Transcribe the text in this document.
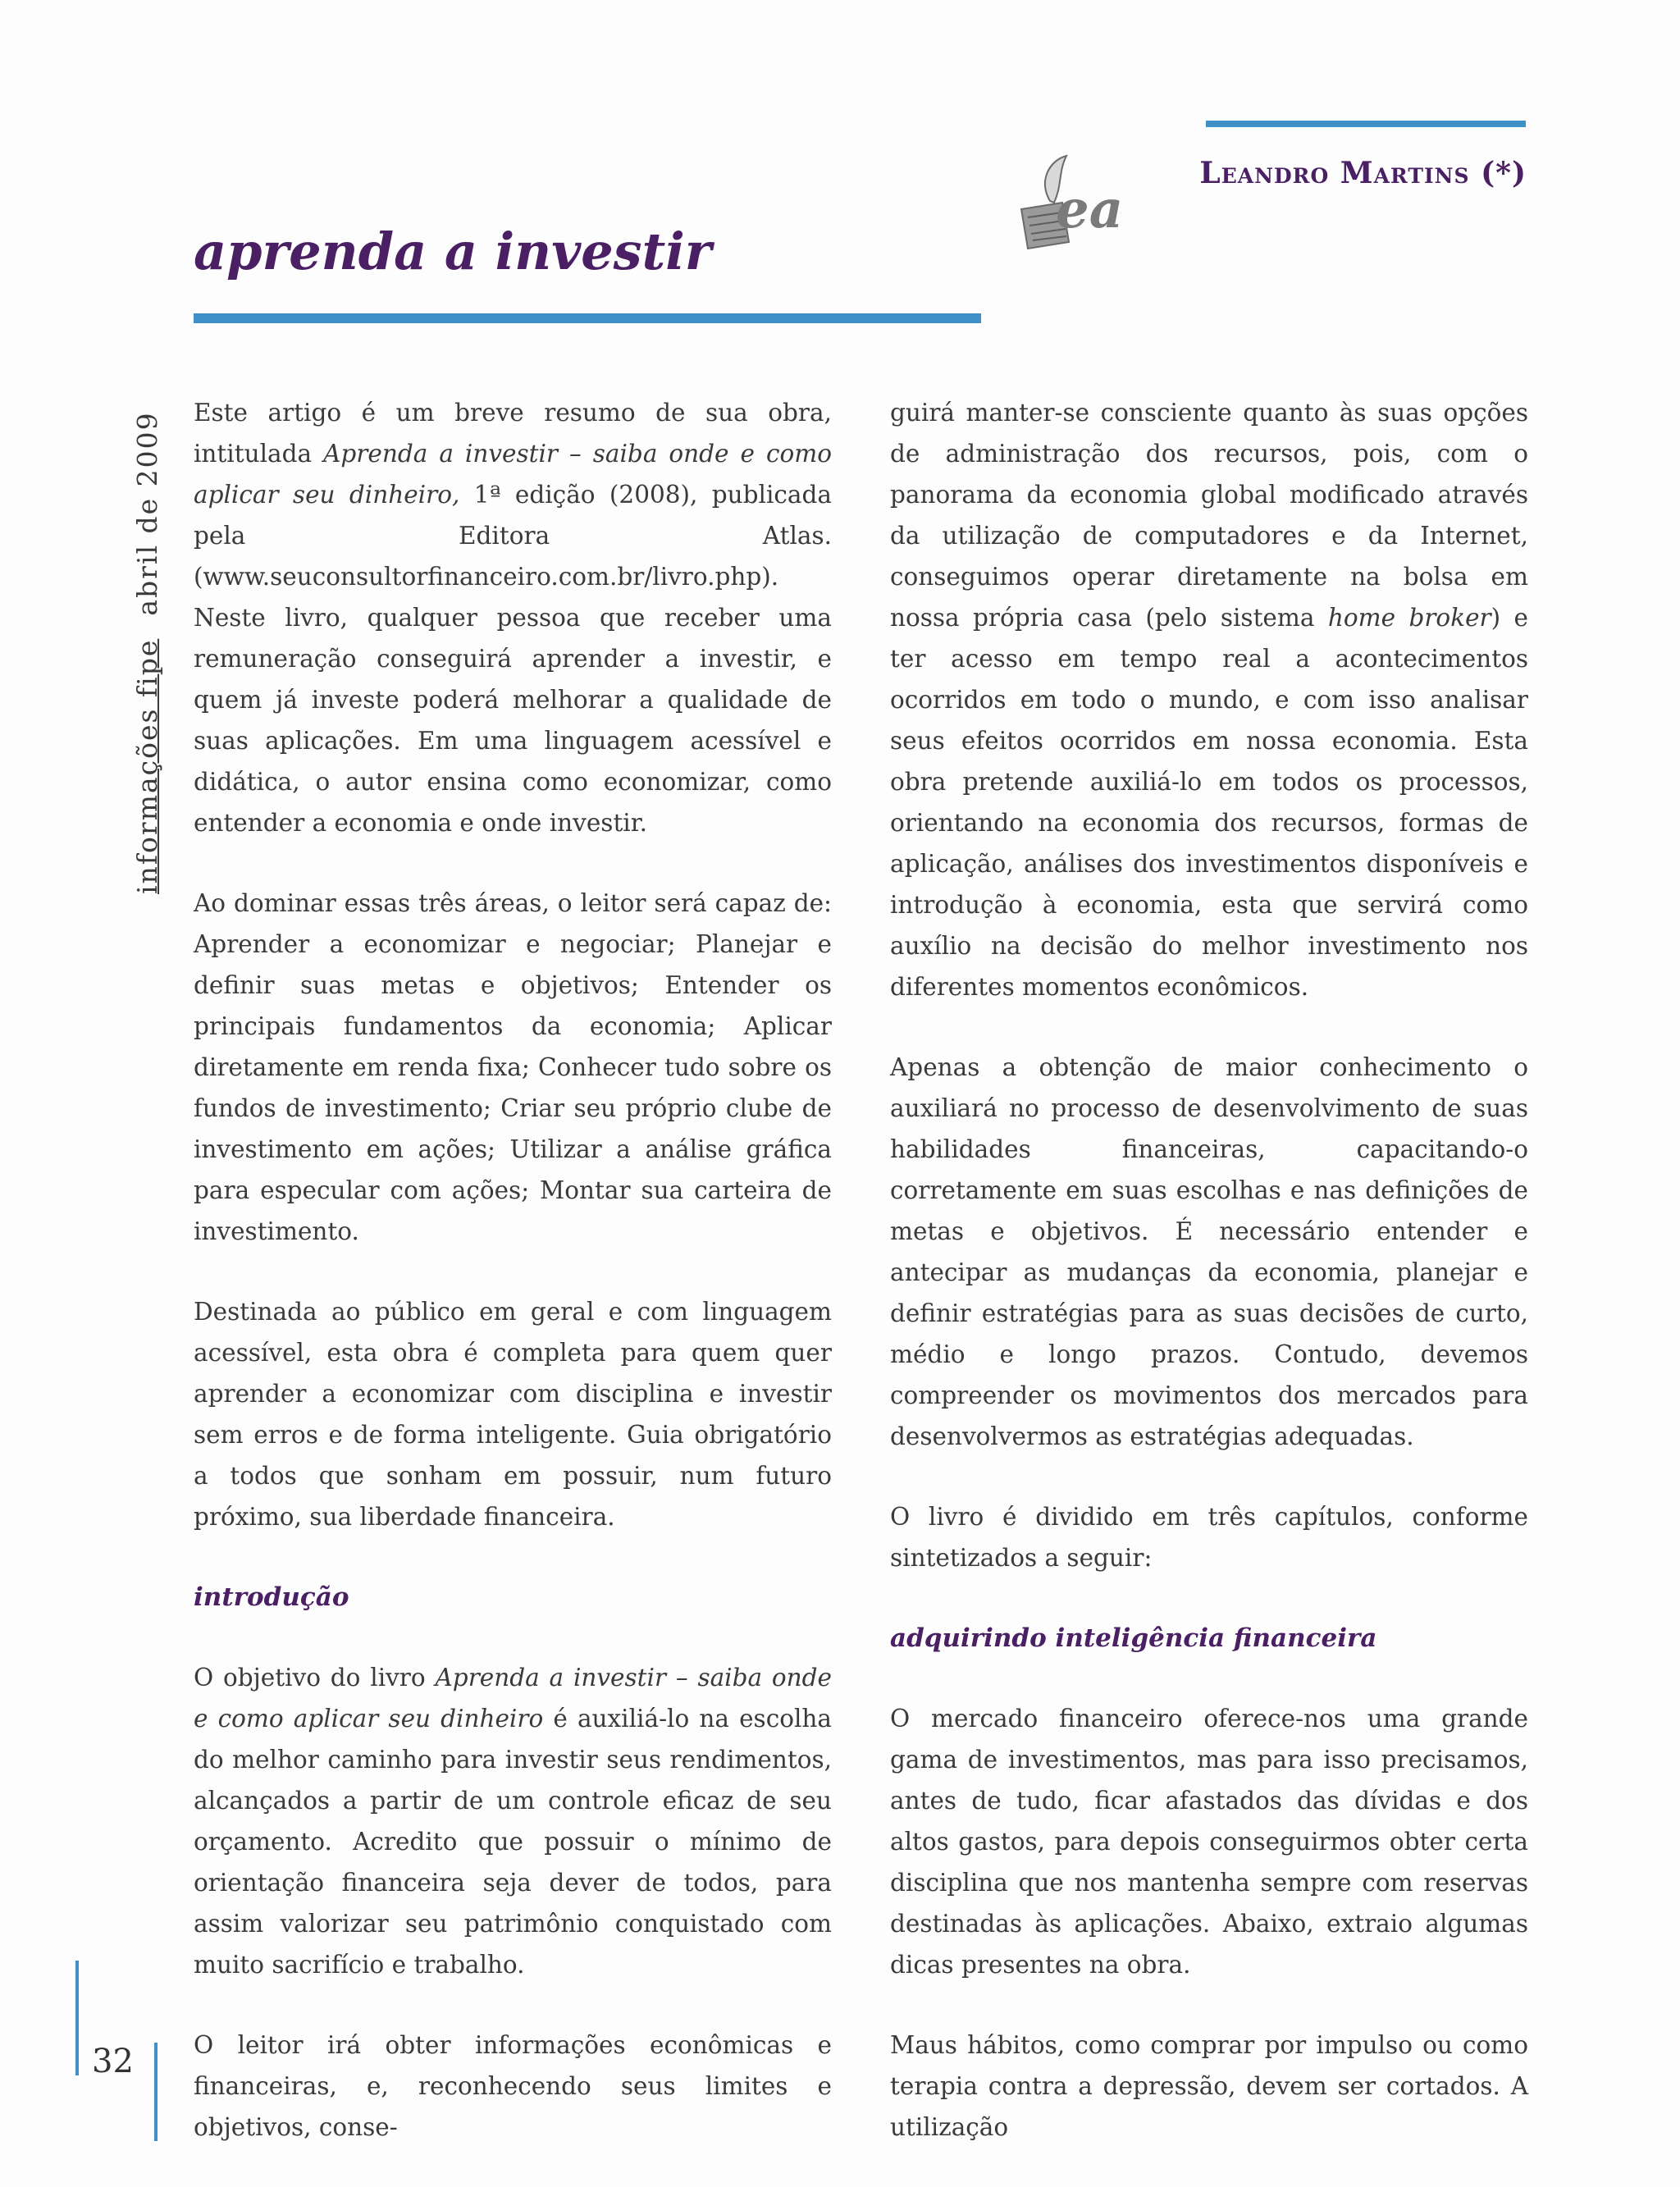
Leandro Martins (*)
ea
aprenda a investir

Este artigo é um breve resumo de sua obra, intitulada Aprenda a investir – saiba onde e como aplicar seu dinheiro, 1ª edição (2008), publicada pela Editora Atlas. (www.seuconsultorfinanceiro.com.br/livro.php). Neste livro, qualquer pessoa que receber uma remuneração conseguirá aprender a investir, e quem já investe poderá melhorar a qualidade de suas aplicações. Em uma linguagem acessível e didática, o autor ensina como economizar, como entender a economia e onde investir.

Ao dominar essas três áreas, o leitor será capaz de: Aprender a economizar e negociar; Planejar e definir suas metas e objetivos; Entender os principais fundamentos da economia; Aplicar diretamente em renda fixa; Conhecer tudo sobre os fundos de investimento; Criar seu próprio clube de investimento em ações; Utilizar a análise gráfica para especular com ações; Montar sua carteira de investimento.

Destinada ao público em geral e com linguagem acessível, esta obra é completa para quem quer aprender a economizar com disciplina e investir sem erros e de forma inteligente. Guia obrigatório a todos que sonham em possuir, num futuro próximo, sua liberdade financeira.

introdução

O objetivo do livro Aprenda a investir – saiba onde e como aplicar seu dinheiro é auxiliá-lo na escolha do melhor caminho para investir seus rendimentos, alcançados a partir de um controle eficaz de seu orçamento. Acredito que possuir o mínimo de orientação financeira seja dever de todos, para assim valorizar seu patrimônio conquistado com muito sacrifício e trabalho.

O leitor irá obter informações econômicas e financeiras, e, reconhecendo seus limites e objetivos, conse-

guirá manter-se consciente quanto às suas opções de administração dos recursos, pois, com o panorama da economia global modificado através da utilização de computadores e da Internet, conseguimos operar diretamente na bolsa em nossa própria casa (pelo sistema home broker) e ter acesso em tempo real a acontecimentos ocorridos em todo o mundo, e com isso analisar seus efeitos ocorridos em nossa economia. Esta obra pretende auxiliá-lo em todos os processos, orientando na economia dos recursos, formas de aplicação, análises dos investimentos disponíveis e introdução à economia, esta que servirá como auxílio na decisão do melhor investimento nos diferentes momentos econômicos.

Apenas a obtenção de maior conhecimento o auxiliará no processo de desenvolvimento de suas habilidades financeiras, capacitando-o corretamente em suas escolhas e nas definições de metas e objetivos. É necessário entender e antecipar as mudanças da economia, planejar e definir estratégias para as suas decisões de curto, médio e longo prazos. Contudo, devemos compreender os movimentos dos mercados para desenvolvermos as estratégias adequadas.

O livro é dividido em três capítulos, conforme sintetizados a seguir:

adquirindo inteligência financeira

O mercado financeiro oferece-nos uma grande gama de investimentos, mas para isso precisamos, antes de tudo, ficar afastados das dívidas e dos altos gastos, para depois conseguirmos obter certa disciplina que nos mantenha sempre com reservas destinadas às aplicações. Abaixo, extraio algumas dicas presentes na obra.

Maus hábitos, como comprar por impulso ou como terapia contra a depressão, devem ser cortados. A utilização

informações fipeabril de 2009
32
